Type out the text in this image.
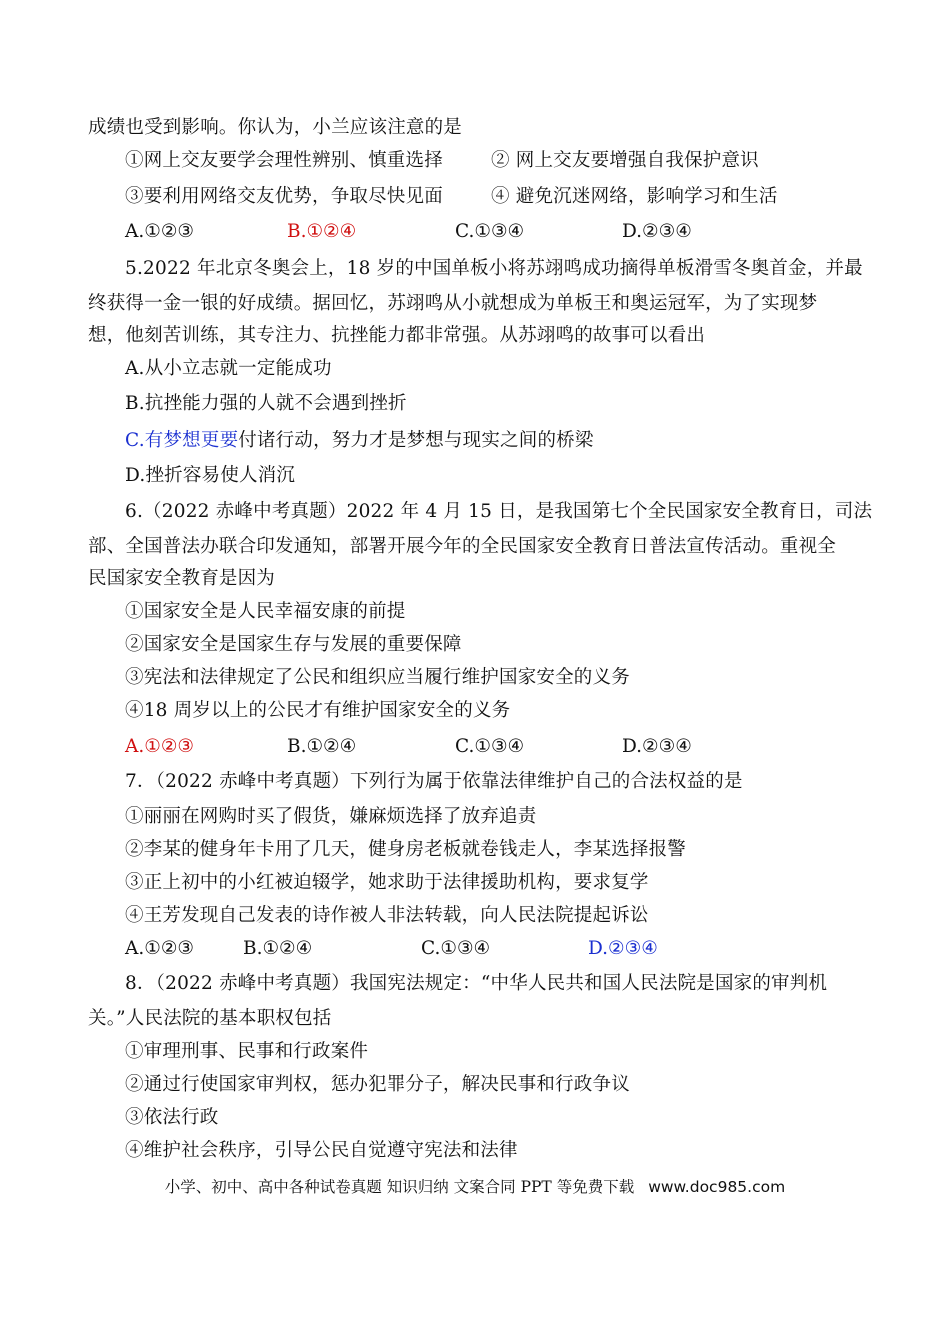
成绩也受到影响。你认为，小兰应该注意的是
①网上交友要学会理性辨别、慎重选择	② 网上交友要增强自我保护意识
③要利用网络交友优势，争取尽快见面	④ 避免沉迷网络，影响学习和生活
A.①②③	B.①②④	C.①③④	D.②③④
5.2022 年北京冬奥会上，18 岁的中国单板小将苏翊鸣成功摘得单板滑雪冬奥首金，并最
终获得一金一银的好成绩。据回忆，苏翊鸣从小就想成为单板王和奥运冠军，为了实现梦
想，他刻苦训练，其专注力、抗挫能力都非常强。从苏翊鸣的故事可以看出
A.从小立志就一定能成功
B.抗挫能力强的人就不会遇到挫折
C.有梦想更要付诸行动，努力才是梦想与现实之间的桥梁
D.挫折容易使人消沉
6.（2022 赤峰中考真题）2022 年 4 月 15 日，是我国第七个全民国家安全教育日，司法
部、全国普法办联合印发通知，部署开展今年的全民国家安全教育日普法宣传活动。重视全
民国家安全教育是因为
①国家安全是人民幸福安康的前提
②国家安全是国家生存与发展的重要保障
③宪法和法律规定了公民和组织应当履行维护国家安全的义务
④18 周岁以上的公民才有维护国家安全的义务
A.①②③	B.①②④	C.①③④	D.②③④
7．（2022 赤峰中考真题）下列行为属于依靠法律维护自己的合法权益的是
①丽丽在网购时买了假货，嫌麻烦选择了放弃追责
②李某的健身年卡用了几天，健身房老板就卷钱走人，李某选择报警
③正上初中的小红被迫辍学，她求助于法律援助机构，要求复学
④王芳发现自己发表的诗作被人非法转载，向人民法院提起诉讼
A.①②③	B.①②④	C.①③④	D.②③④
8．（2022 赤峰中考真题）我国宪法规定：“中华人民共和国人民法院是国家的审判机
关。”人民法院的基本职权包括
①审理刑事、民事和行政案件
②通过行使国家审判权，惩办犯罪分子，解决民事和行政争议
③依法行政
④维护社会秩序，引导公民自觉遵守宪法和法律
小学、初中、高中各种试卷真题 知识归纳 文案合同 PPT 等免费下载 www.doc985.com
